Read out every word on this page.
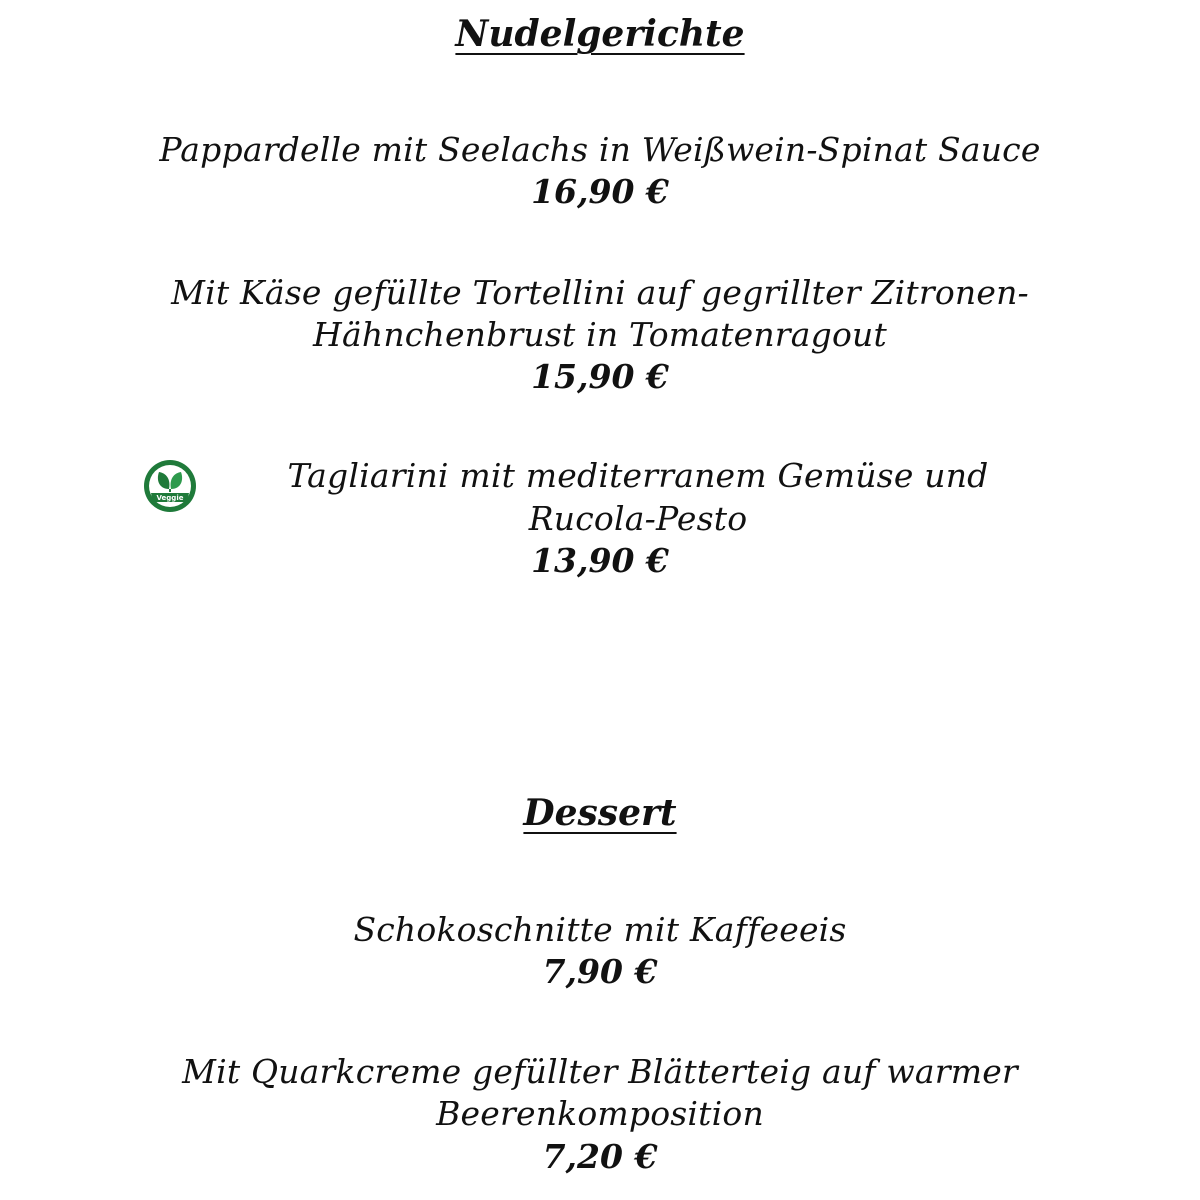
Nudelgerichte

Pappardelle mit Seelachs in Weißwein-Spinat Sauce

16,90 €

Mit Käse gefüllte Tortellini auf gegrillter Zitronen-

Hähnchenbrust in Tomatenragout

15,90 €

Veggie

Tagliarini mit mediterranem Gemüse und

Rucola-Pesto

13,90 €

Dessert

Schokoschnitte mit Kaffeeeis

7,90 €

Mit Quarkcreme gefüllter Blätterteig auf warmer

Beerenkomposition

7,20 €
